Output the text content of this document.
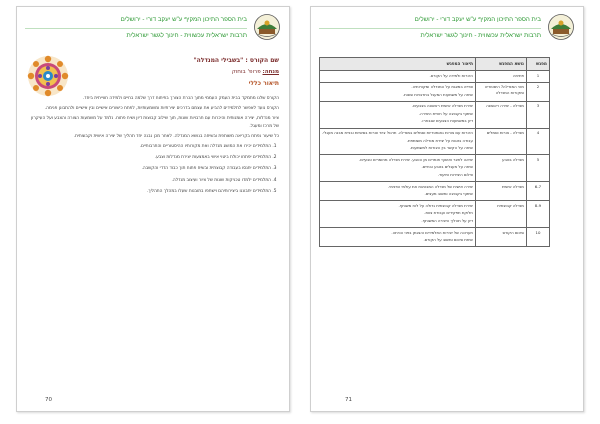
בית הספר התיכון המקיף ע"ש יעקב דורי - ירושלים
תרבות ישראלית עכשווית - חינוך לגשר ישראלית
שם הקורס : "בשבילי המנדלה"
מנחה: פרופ' בוחוק
תיאור כללי

הקורס שלנו מתמקד בבית העמק העממי מתוך הכרת הצורך בפיתוח דרך שלמה בחיים ולמידה חווייתית ביחד.

הקורס נועד לאפשר לתלמידים להביע את עצמם בדרכים יצירתיות ומשמעותיות, לפתח כישורים אישיים ובין אישיים ולהתבונן פנימה.

ציור מנדלות, יצירה אומנותית והיכרות עם תרבויות שונות, תוך שילוב קבוצות דיון ושיח פתוח. נלמד על משמעות הצורה והצבע ועל העיקרון של מרכז ומעגל.

כל שיעור נפתח בקריאה משותפת ובשיחה בנושא המנדלה. לאחר מכן נבנה יחד תהליך של יצירה אישית וקבוצתית.

1. התלמידים יכירו את המושג מנדלה ואת מקורותיו ההיסטוריים והתרבותיים.
2. התלמידים יפתחו יכולת ביטוי אישי באמצעות יצירת מנדלות וצבע.
3. התלמידים יתנסו בעבודה קבוצתית ובשיח פתוח תוך כבוד הדדי והקשבה.
4. התלמידים ילמדו טכניקות שונות של ציור ועיצוב מנדלה.
5. התלמידים יתבוננו ביצירותיהם וישתפו בתובנות שעלו במהלך התהליך.
70
בית הספר התיכון המקיף ע"ש יעקב דורי - ירושלים
תרבות ישראלית עכשווית - חינוך לגשר ישראלית
מפגש	נושא המפגש	תיאור המפגש
1	פתיחה	היכרות ולמידה על הקורס.

2	מהי המנדלה? היסטוריה ומקורות המנדלה	צפייה במצגת על המנדלה ומקורותיה.

שיחה על משמעות המעגל בתרבויות שונות.

3	מנדלה - יצירה ראשונה	יצירת מנדלה אישית ראשונה בצבעים.

שיתוף בקבוצה על חוויית היצירה.

דיון במשמעות הצבעים שנבחרו.

4	מנדלה - צורות וסמלים	היכרות עם צורות גאומטריות וסמלים במנדלה. תרגול ציור צורות בסיסיות ובניית מבנה מעגלי.

עבודה בזוגות על יצירת מנדלה משותפת.

שיחה על הקשר בין הצורות למשמעות.

5	מנדלה בטבע	יציאה לחצר ואיסוף חומרים מן הטבע. יצירת מנדלה מחומרים טבעיים.

שיחה על מעגלים בטבע ובחיים.

צילום היצירות ותיעוד.

6-7	מנדלה אישית	יצירה אישית של מנדלה המבטאת את עולמי הפנימי.

שיתוף בקבוצה ומשוב מעצים.

8-9	מנדלה קבוצתית	יצירת מנדלה קבוצתית גדולה על לוח משותף.

חלוקת תפקידים ועבודת צוות.

דיון על תהליך היצירה המשותף.

10	סיכום הקורס	תערוכה של יצירות התלמידים והצגתן בפני הכיתה.

שיחת סיכום ומשוב על הקורס.

71
